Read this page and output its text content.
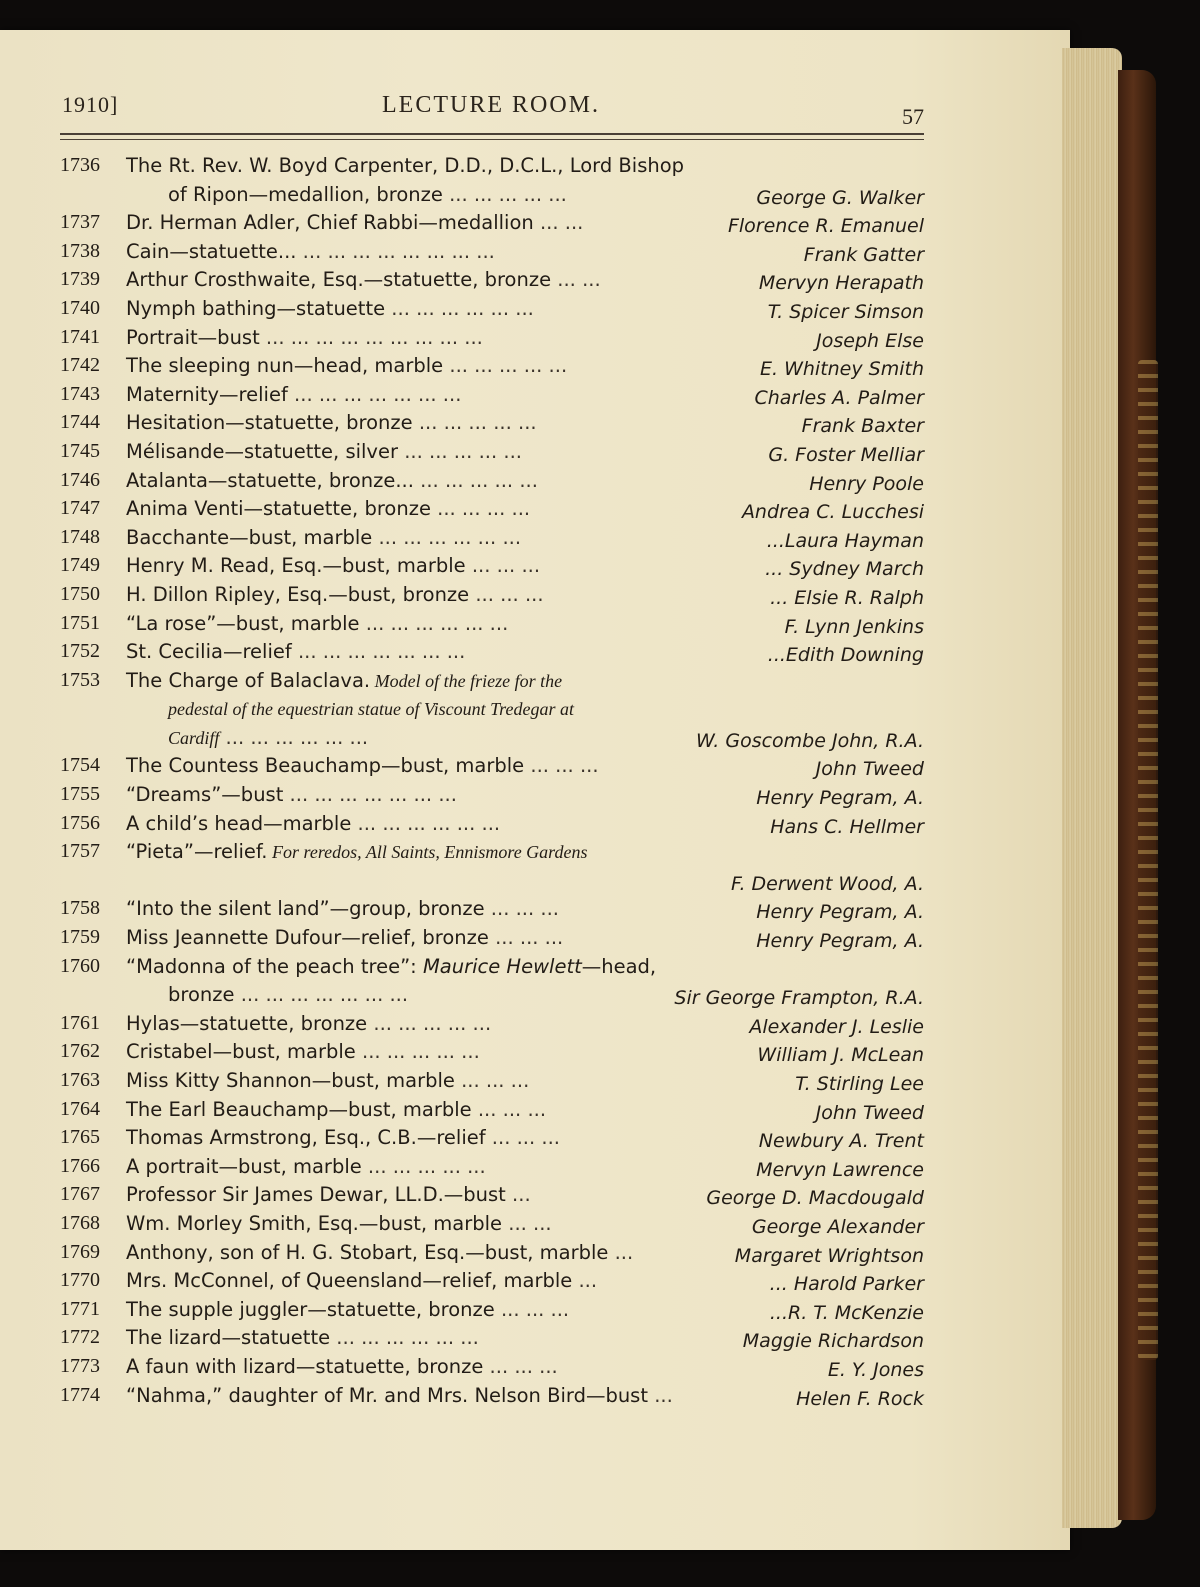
1910]	LECTURE ROOM.	57
1736	The Rt. Rev. W. Boyd Carpenter, D.D., D.C.L., Lord Bishop
of Ripon—medallion, bronze ... ... ... ... ...	George G. Walker
1737	Dr. Herman Adler, Chief Rabbi—medallion ... ...	Florence R. Emanuel
1738	Cain—statuette... ... ... ... ... ... ... ... ...	Frank Gatter
1739	Arthur Crosthwaite, Esq.—statuette, bronze ... ...	Mervyn Herapath
1740	Nymph bathing—statuette ... ... ... ... ... ...	T. Spicer Simson
1741	Portrait—bust ... ... ... ... ... ... ... ... ...	Joseph Else
1742	The sleeping nun—head, marble ... ... ... ... ...	E. Whitney Smith
1743	Maternity—relief ... ... ... ... ... ... ...	Charles A. Palmer
1744	Hesitation—statuette, bronze ... ... ... ... ...	Frank Baxter
1745	Mélisande—statuette, silver ... ... ... ... ...	G. Foster Melliar
1746	Atalanta—statuette, bronze... ... ... ... ... ...	Henry Poole
1747	Anima Venti—statuette, bronze ... ... ... ...	Andrea C. Lucchesi
1748	Bacchante—bust, marble ... ... ... ... ... ...	...Laura Hayman
1749	Henry M. Read, Esq.—bust, marble ... ... ...	... Sydney March
1750	H. Dillon Ripley, Esq.—bust, bronze ... ... ...	... Elsie R. Ralph
1751	“La rose”—bust, marble ... ... ... ... ... ...	F. Lynn Jenkins
1752	St. Cecilia—relief ... ... ... ... ... ... ...	...Edith Downing
1753	The Charge of Balaclava. Model of the frieze for the
pedestal of the equestrian statue of Viscount Tredegar at
Cardiff ... ... ... ... ... ...	W. Goscombe John, R.A.
1754	The Countess Beauchamp—bust, marble ... ... ...	John Tweed
1755	“Dreams”—bust ... ... ... ... ... ... ...	Henry Pegram, A.
1756	A child’s head—marble ... ... ... ... ... ...	Hans C. Hellmer
1757	“Pieta”—relief. For reredos, All Saints, Ennismore Gardens
F. Derwent Wood, A.
1758	“Into the silent land”—group, bronze ... ... ...	Henry Pegram, A.
1759	Miss Jeannette Dufour—relief, bronze ... ... ...	Henry Pegram, A.
1760	“Madonna of the peach tree”: Maurice Hewlett—head,
bronze ... ... ... ... ... ... ...	Sir George Frampton, R.A.
1761	Hylas—statuette, bronze ... ... ... ... ...	Alexander J. Leslie
1762	Cristabel—bust, marble ... ... ... ... ...	William J. McLean
1763	Miss Kitty Shannon—bust, marble ... ... ...	T. Stirling Lee
1764	The Earl Beauchamp—bust, marble ... ... ...	John Tweed
1765	Thomas Armstrong, Esq., C.B.—relief ... ... ...	Newbury A. Trent
1766	A portrait—bust, marble ... ... ... ... ...	Mervyn Lawrence
1767	Professor Sir James Dewar, LL.D.—bust ...	George D. Macdougald
1768	Wm. Morley Smith, Esq.—bust, marble ... ...	George Alexander
1769	Anthony, son of H. G. Stobart, Esq.—bust, marble ...	Margaret Wrightson
1770	Mrs. McConnel, of Queensland—relief, marble ...	... Harold Parker
1771	The supple juggler—statuette, bronze ... ... ...	...R. T. McKenzie
1772	The lizard—statuette ... ... ... ... ... ...	Maggie Richardson
1773	A faun with lizard—statuette, bronze ... ... ...	E. Y. Jones
1774	“Nahma,” daughter of Mr. and Mrs. Nelson Bird—bust ...	Helen F. Rock
